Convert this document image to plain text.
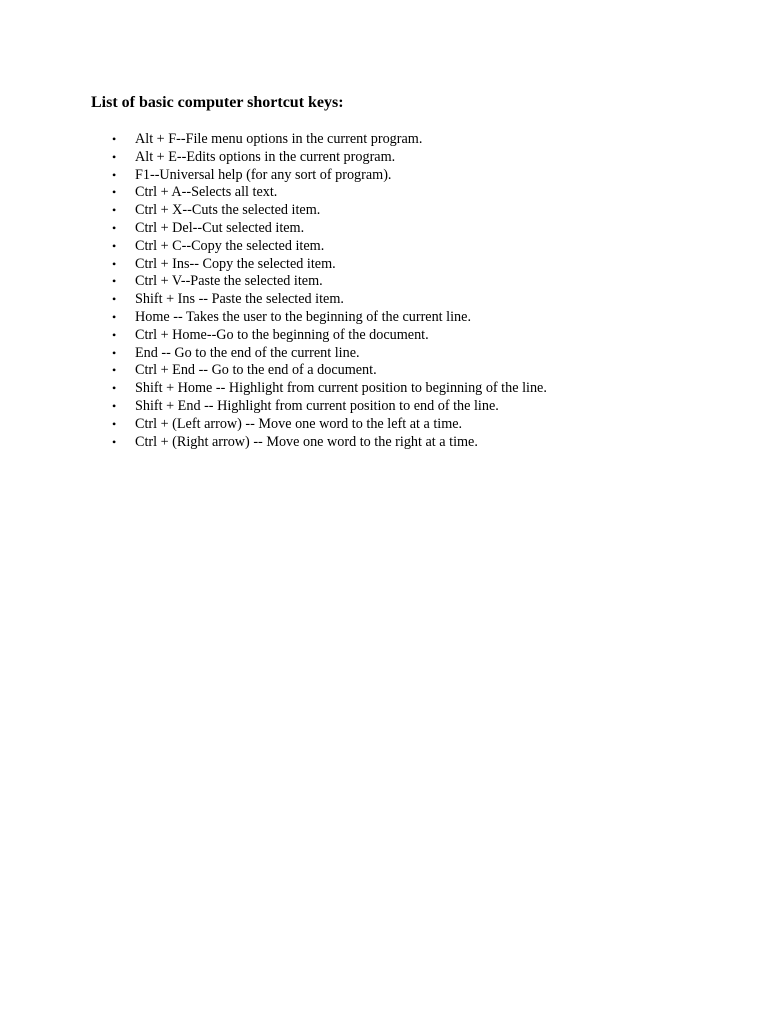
List of basic computer shortcut keys:
•	Alt + F--File menu options in the current program.
•	Alt + E--Edits options in the current program.
•	F1--Universal help (for any sort of program).
•	Ctrl + A--Selects all text.
•	Ctrl + X--Cuts the selected item.
•	Ctrl + Del--Cut selected item.
•	Ctrl + C--Copy the selected item.
•	Ctrl + Ins-- Copy the selected item.
•	Ctrl + V--Paste the selected item.
•	Shift + Ins -- Paste the selected item.
•	Home -- Takes the user to the beginning of the current line.
•	Ctrl + Home--Go to the beginning of the document.
•	End -- Go to the end of the current line.
•	Ctrl + End -- Go to the end of a document.
•	Shift + Home -- Highlight from current position to beginning of the line.
•	Shift + End -- Highlight from current position to end of the line.
•	Ctrl + (Left arrow) -- Move one word to the left at a time.
•	Ctrl + (Right arrow) -- Move one word to the right at a time.
